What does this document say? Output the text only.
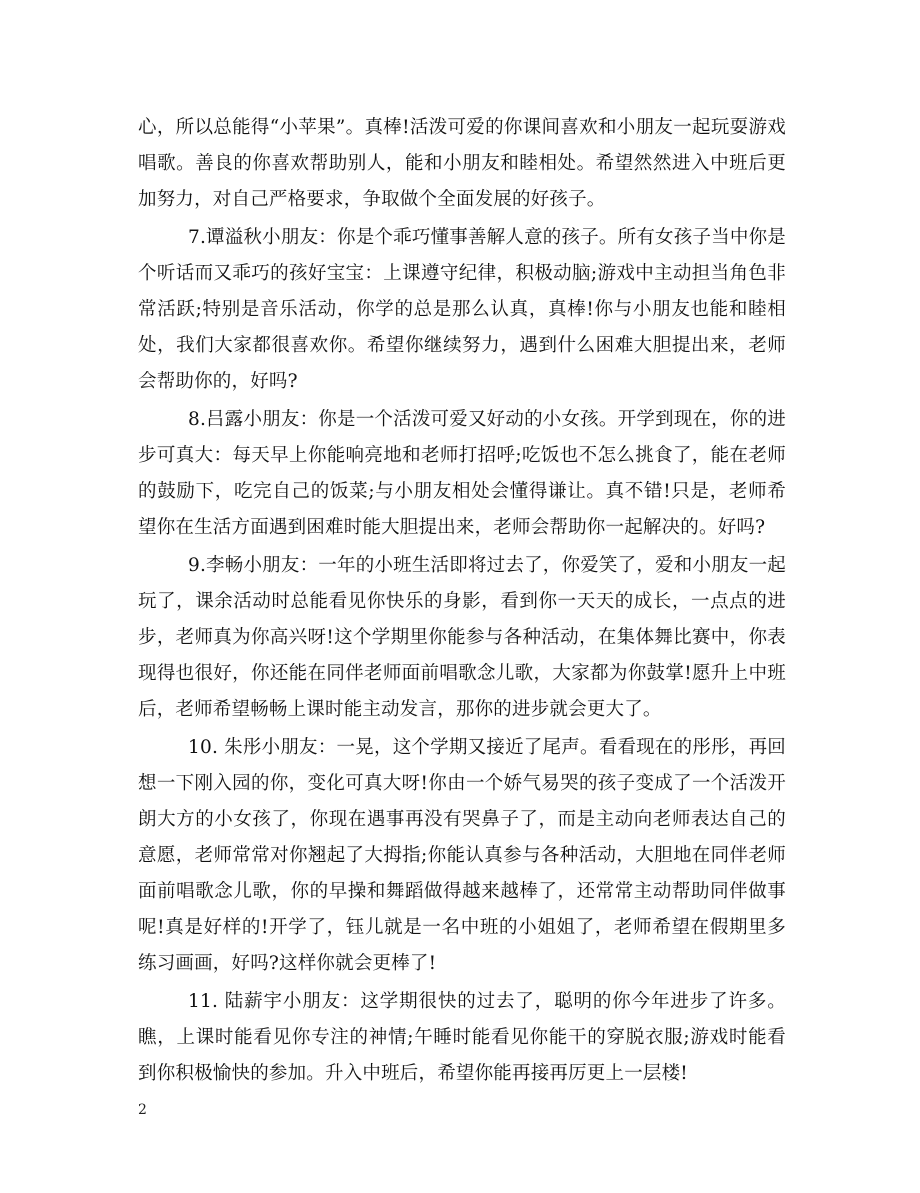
心，所以总能得“小苹果”。真棒!活泼可爱的你课间喜欢和小朋友一起玩耍游戏唱歌。善良的你喜欢帮助别人，能和小朋友和睦相处。希望然然进入中班后更加努力，对自己严格要求，争取做个全面发展的好孩子。

7.谭溢秋小朋友：你是个乖巧懂事善解人意的孩子。所有女孩子当中你是个听话而又乖巧的孩好宝宝：上课遵守纪律，积极动脑;游戏中主动担当角色非常活跃;特别是音乐活动，你学的总是那么认真，真棒!你与小朋友也能和睦相处，我们大家都很喜欢你。希望你继续努力，遇到什么困难大胆提出来，老师会帮助你的，好吗?

8.吕露小朋友：你是一个活泼可爱又好动的小女孩。开学到现在，你的进步可真大：每天早上你能响亮地和老师打招呼;吃饭也不怎么挑食了，能在老师的鼓励下，吃完自己的饭菜;与小朋友相处会懂得谦让。真不错!只是，老师希望你在生活方面遇到困难时能大胆提出来，老师会帮助你一起解决的。好吗?

9.李畅小朋友：一年的小班生活即将过去了，你爱笑了，爱和小朋友一起玩了，课余活动时总能看见你快乐的身影，看到你一天天的成长，一点点的进步，老师真为你高兴呀!这个学期里你能参与各种活动，在集体舞比赛中，你表现得也很好，你还能在同伴老师面前唱歌念儿歌，大家都为你鼓掌!愿升上中班后，老师希望畅畅上课时能主动发言，那你的进步就会更大了。

10. 朱彤小朋友：一晃，这个学期又接近了尾声。看看现在的彤彤，再回想一下刚入园的你，变化可真大呀!你由一个娇气易哭的孩子变成了一个活泼开朗大方的小女孩了，你现在遇事再没有哭鼻子了，而是主动向老师表达自己的意愿，老师常常对你翘起了大拇指;你能认真参与各种活动，大胆地在同伴老师面前唱歌念儿歌，你的早操和舞蹈做得越来越棒了，还常常主动帮助同伴做事呢!真是好样的!开学了，钰儿就是一名中班的小姐姐了，老师希望在假期里多练习画画，好吗?这样你就会更棒了!

11. 陆薪宇小朋友：这学期很快的过去了，聪明的你今年进步了许多。瞧，上课时能看见你专注的神情;午睡时能看见你能干的穿脱衣服;游戏时能看到你积极愉快的参加。升入中班后，希望你能再接再厉更上一层楼!

2
